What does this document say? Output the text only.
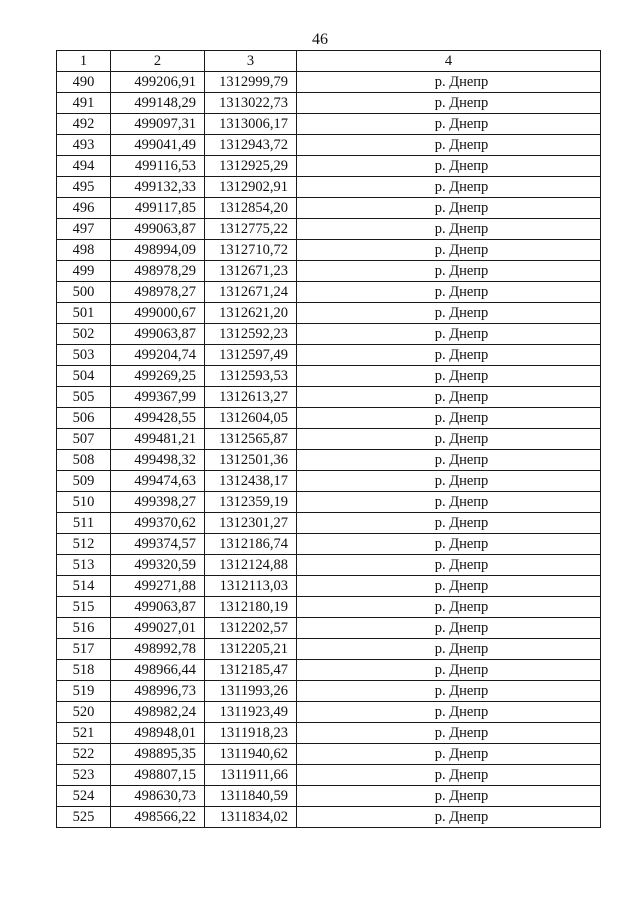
46
1	2	3	4
490	499206,91	1312999,79	р. Днепр
491	499148,29	1313022,73	р. Днепр
492	499097,31	1313006,17	р. Днепр
493	499041,49	1312943,72	р. Днепр
494	499116,53	1312925,29	р. Днепр
495	499132,33	1312902,91	р. Днепр
496	499117,85	1312854,20	р. Днепр
497	499063,87	1312775,22	р. Днепр
498	498994,09	1312710,72	р. Днепр
499	498978,29	1312671,23	р. Днепр
500	498978,27	1312671,24	р. Днепр
501	499000,67	1312621,20	р. Днепр
502	499063,87	1312592,23	р. Днепр
503	499204,74	1312597,49	р. Днепр
504	499269,25	1312593,53	р. Днепр
505	499367,99	1312613,27	р. Днепр
506	499428,55	1312604,05	р. Днепр
507	499481,21	1312565,87	р. Днепр
508	499498,32	1312501,36	р. Днепр
509	499474,63	1312438,17	р. Днепр
510	499398,27	1312359,19	р. Днепр
511	499370,62	1312301,27	р. Днепр
512	499374,57	1312186,74	р. Днепр
513	499320,59	1312124,88	р. Днепр
514	499271,88	1312113,03	р. Днепр
515	499063,87	1312180,19	р. Днепр
516	499027,01	1312202,57	р. Днепр
517	498992,78	1312205,21	р. Днепр
518	498966,44	1312185,47	р. Днепр
519	498996,73	1311993,26	р. Днепр
520	498982,24	1311923,49	р. Днепр
521	498948,01	1311918,23	р. Днепр
522	498895,35	1311940,62	р. Днепр
523	498807,15	1311911,66	р. Днепр
524	498630,73	1311840,59	р. Днепр
525	498566,22	1311834,02	р. Днепр
